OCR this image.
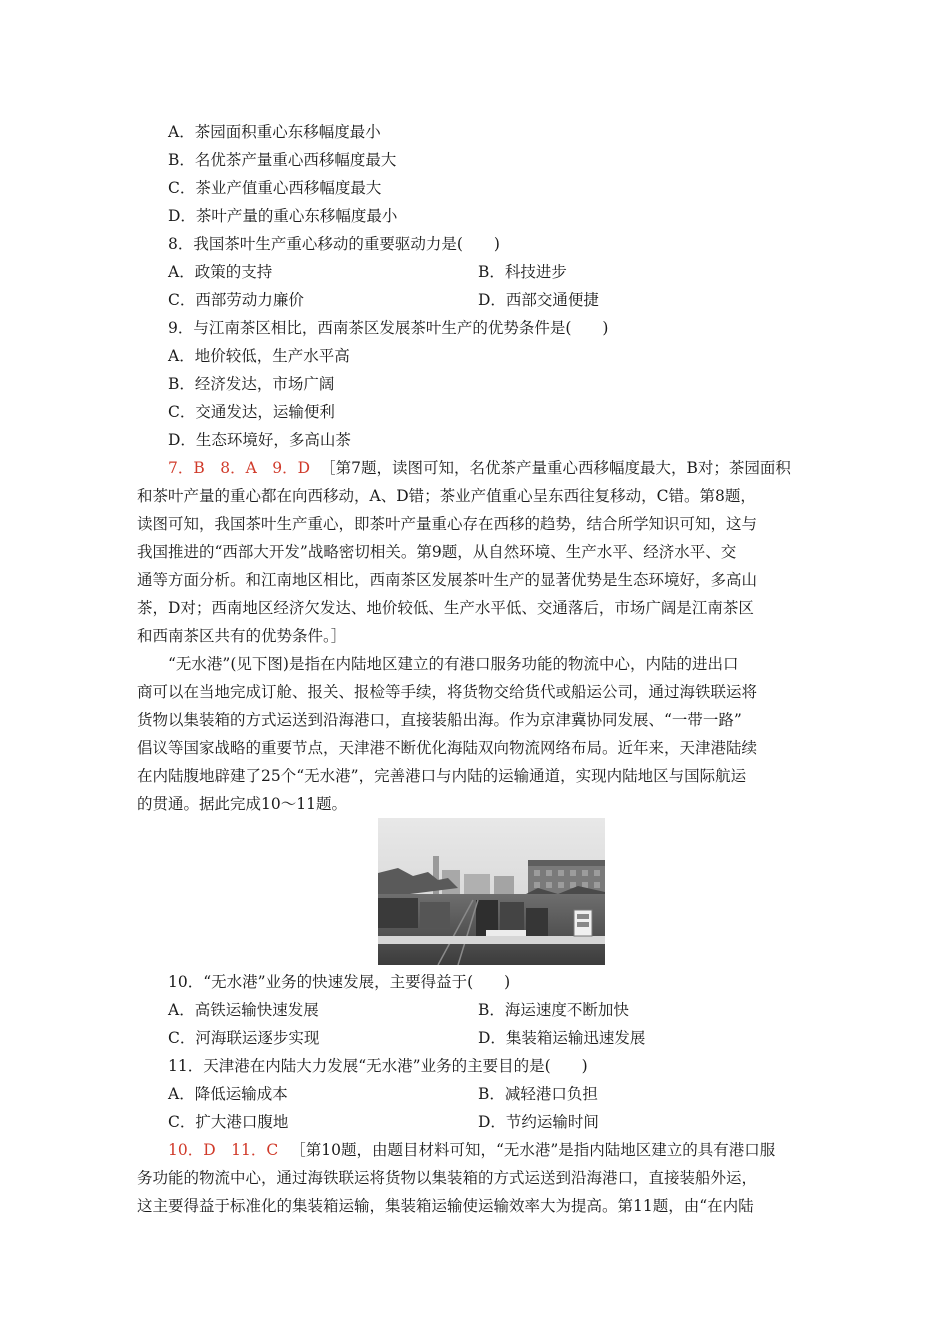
A．茶园面积重心东移幅度最小
B．名优茶产量重心西移幅度最大
C．茶业产值重心西移幅度最大
D．茶叶产量的重心东移幅度最小
8．我国茶叶生产重心移动的重要驱动力是(　　)
A．政策的支持	B．科技进步
C．西部劳动力廉价	D．西部交通便捷
9．与江南茶区相比，西南茶区发展茶叶生产的优势条件是(　　)
A．地价较低，生产水平高
B．经济发达，市场广阔
C．交通发达，运输便利
D．生态环境好，多高山茶
7．B　8．A　9．D ［第7题，读图可知，名优茶产量重心西移幅度最大，B对；茶园面积
和茶叶产量的重心都在向西移动，A、D错；茶业产值重心呈东西往复移动，C错。第8题，
读图可知，我国茶叶生产重心，即茶叶产量重心存在西移的趋势，结合所学知识可知，这与
我国推进的“西部大开发”战略密切相关。第9题，从自然环境、生产水平、经济水平、交
通等方面分析。和江南地区相比，西南茶区发展茶叶生产的显著优势是生态环境好，多高山
茶，D对；西南地区经济欠发达、地价较低、生产水平低、交通落后，市场广阔是江南茶区
和西南茶区共有的优势条件。］
“无水港”(见下图)是指在内陆地区建立的有港口服务功能的物流中心，内陆的进出口
商可以在当地完成订舱、报关、报检等手续，将货物交给货代或船运公司，通过海铁联运将
货物以集装箱的方式运送到沿海港口，直接装船出海。作为京津冀协同发展、“一带一路”
倡议等国家战略的重要节点，天津港不断优化海陆双向物流网络布局。近年来，天津港陆续
在内陆腹地辟建了25个“无水港”，完善港口与内陆的运输通道，实现内陆地区与国际航运
的贯通。据此完成10～11题。
10．“无水港”业务的快速发展，主要得益于(　　)
A．高铁运输快速发展	B．海运速度不断加快
C．河海联运逐步实现	D．集装箱运输迅速发展
11．天津港在内陆大力发展“无水港”业务的主要目的是(　　)
A．降低运输成本	B．减轻港口负担
C．扩大港口腹地	D．节约运输时间
10．D　11．C ［第10题，由题目材料可知，“无水港”是指内陆地区建立的具有港口服
务功能的物流中心，通过海铁联运将货物以集装箱的方式运送到沿海港口，直接装船外运，
这主要得益于标准化的集装箱运输，集装箱运输使运输效率大为提高。第11题，由“在内陆
